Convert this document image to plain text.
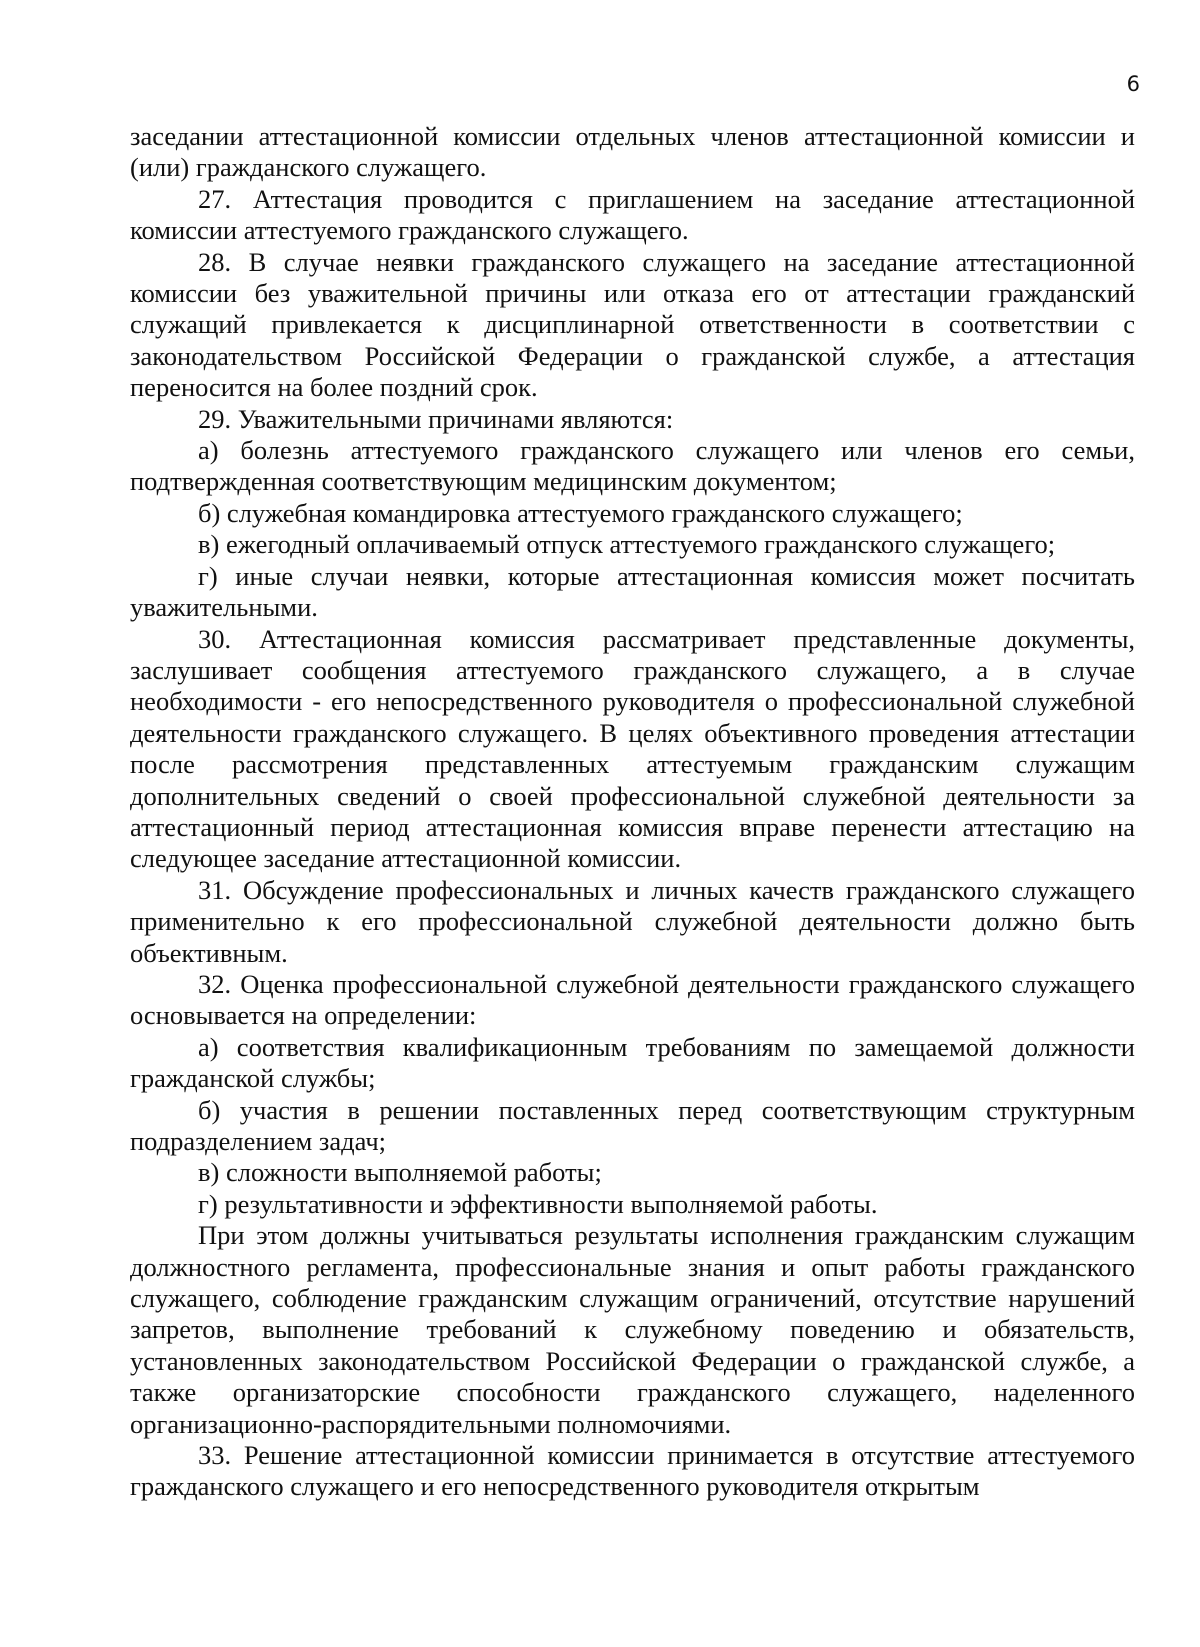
6

заседании аттестационной комиссии отдельных членов аттестационной комиссии и (или) гражданского служащего.

27. Аттестация проводится с приглашением на заседание аттестационной комиссии аттестуемого гражданского служащего.

28. В случае неявки гражданского служащего на заседание аттестационной комиссии без уважительной причины или отказа его от аттестации гражданский служащий привлекается к дисциплинарной ответственности в соответствии с законодательством Российской Федерации о гражданской службе, а аттестация переносится на более поздний срок.

29. Уважительными причинами являются:

а) болезнь аттестуемого гражданского служащего или членов его семьи, подтвержденная соответствующим медицинским документом;

б) служебная командировка аттестуемого гражданского служащего;

в) ежегодный оплачиваемый отпуск аттестуемого гражданского служащего;

г) иные случаи неявки, которые аттестационная комиссия может посчитать уважительными.

30. Аттестационная комиссия рассматривает представленные документы, заслушивает сообщения аттестуемого гражданского служащего, а в случае необходимости - его непосредственного руководителя о профессиональной служебной деятельности гражданского служащего. В целях объективного проведения аттестации после рассмотрения представленных аттестуемым гражданским служащим дополнительных сведений о своей профессиональной служебной деятельности за аттестационный период аттестационная комиссия вправе перенести аттестацию на следующее заседание аттестационной комиссии.

31. Обсуждение профессиональных и личных качеств гражданского служащего применительно к его профессиональной служебной деятельности должно быть объективным.

32. Оценка профессиональной служебной деятельности гражданского служащего основывается на определении:

а) соответствия квалификационным требованиям по замещаемой должности гражданской службы;

б) участия в решении поставленных перед соответствующим структурным подразделением задач;

в) сложности выполняемой работы;

г) результативности и эффективности выполняемой работы.

При этом должны учитываться результаты исполнения гражданским служащим должностного регламента, профессиональные знания и опыт работы гражданского служащего, соблюдение гражданским служащим ограничений, отсутствие нарушений запретов, выполнение требований к служебному поведению и обязательств, установленных законодательством Российской Федерации о гражданской службе, а также организаторские способности гражданского служащего, наделенного организационно-распорядительными полномочиями.

33. Решение аттестационной комиссии принимается в отсутствие аттестуемого гражданского служащего и его непосредственного руководителя открытым
